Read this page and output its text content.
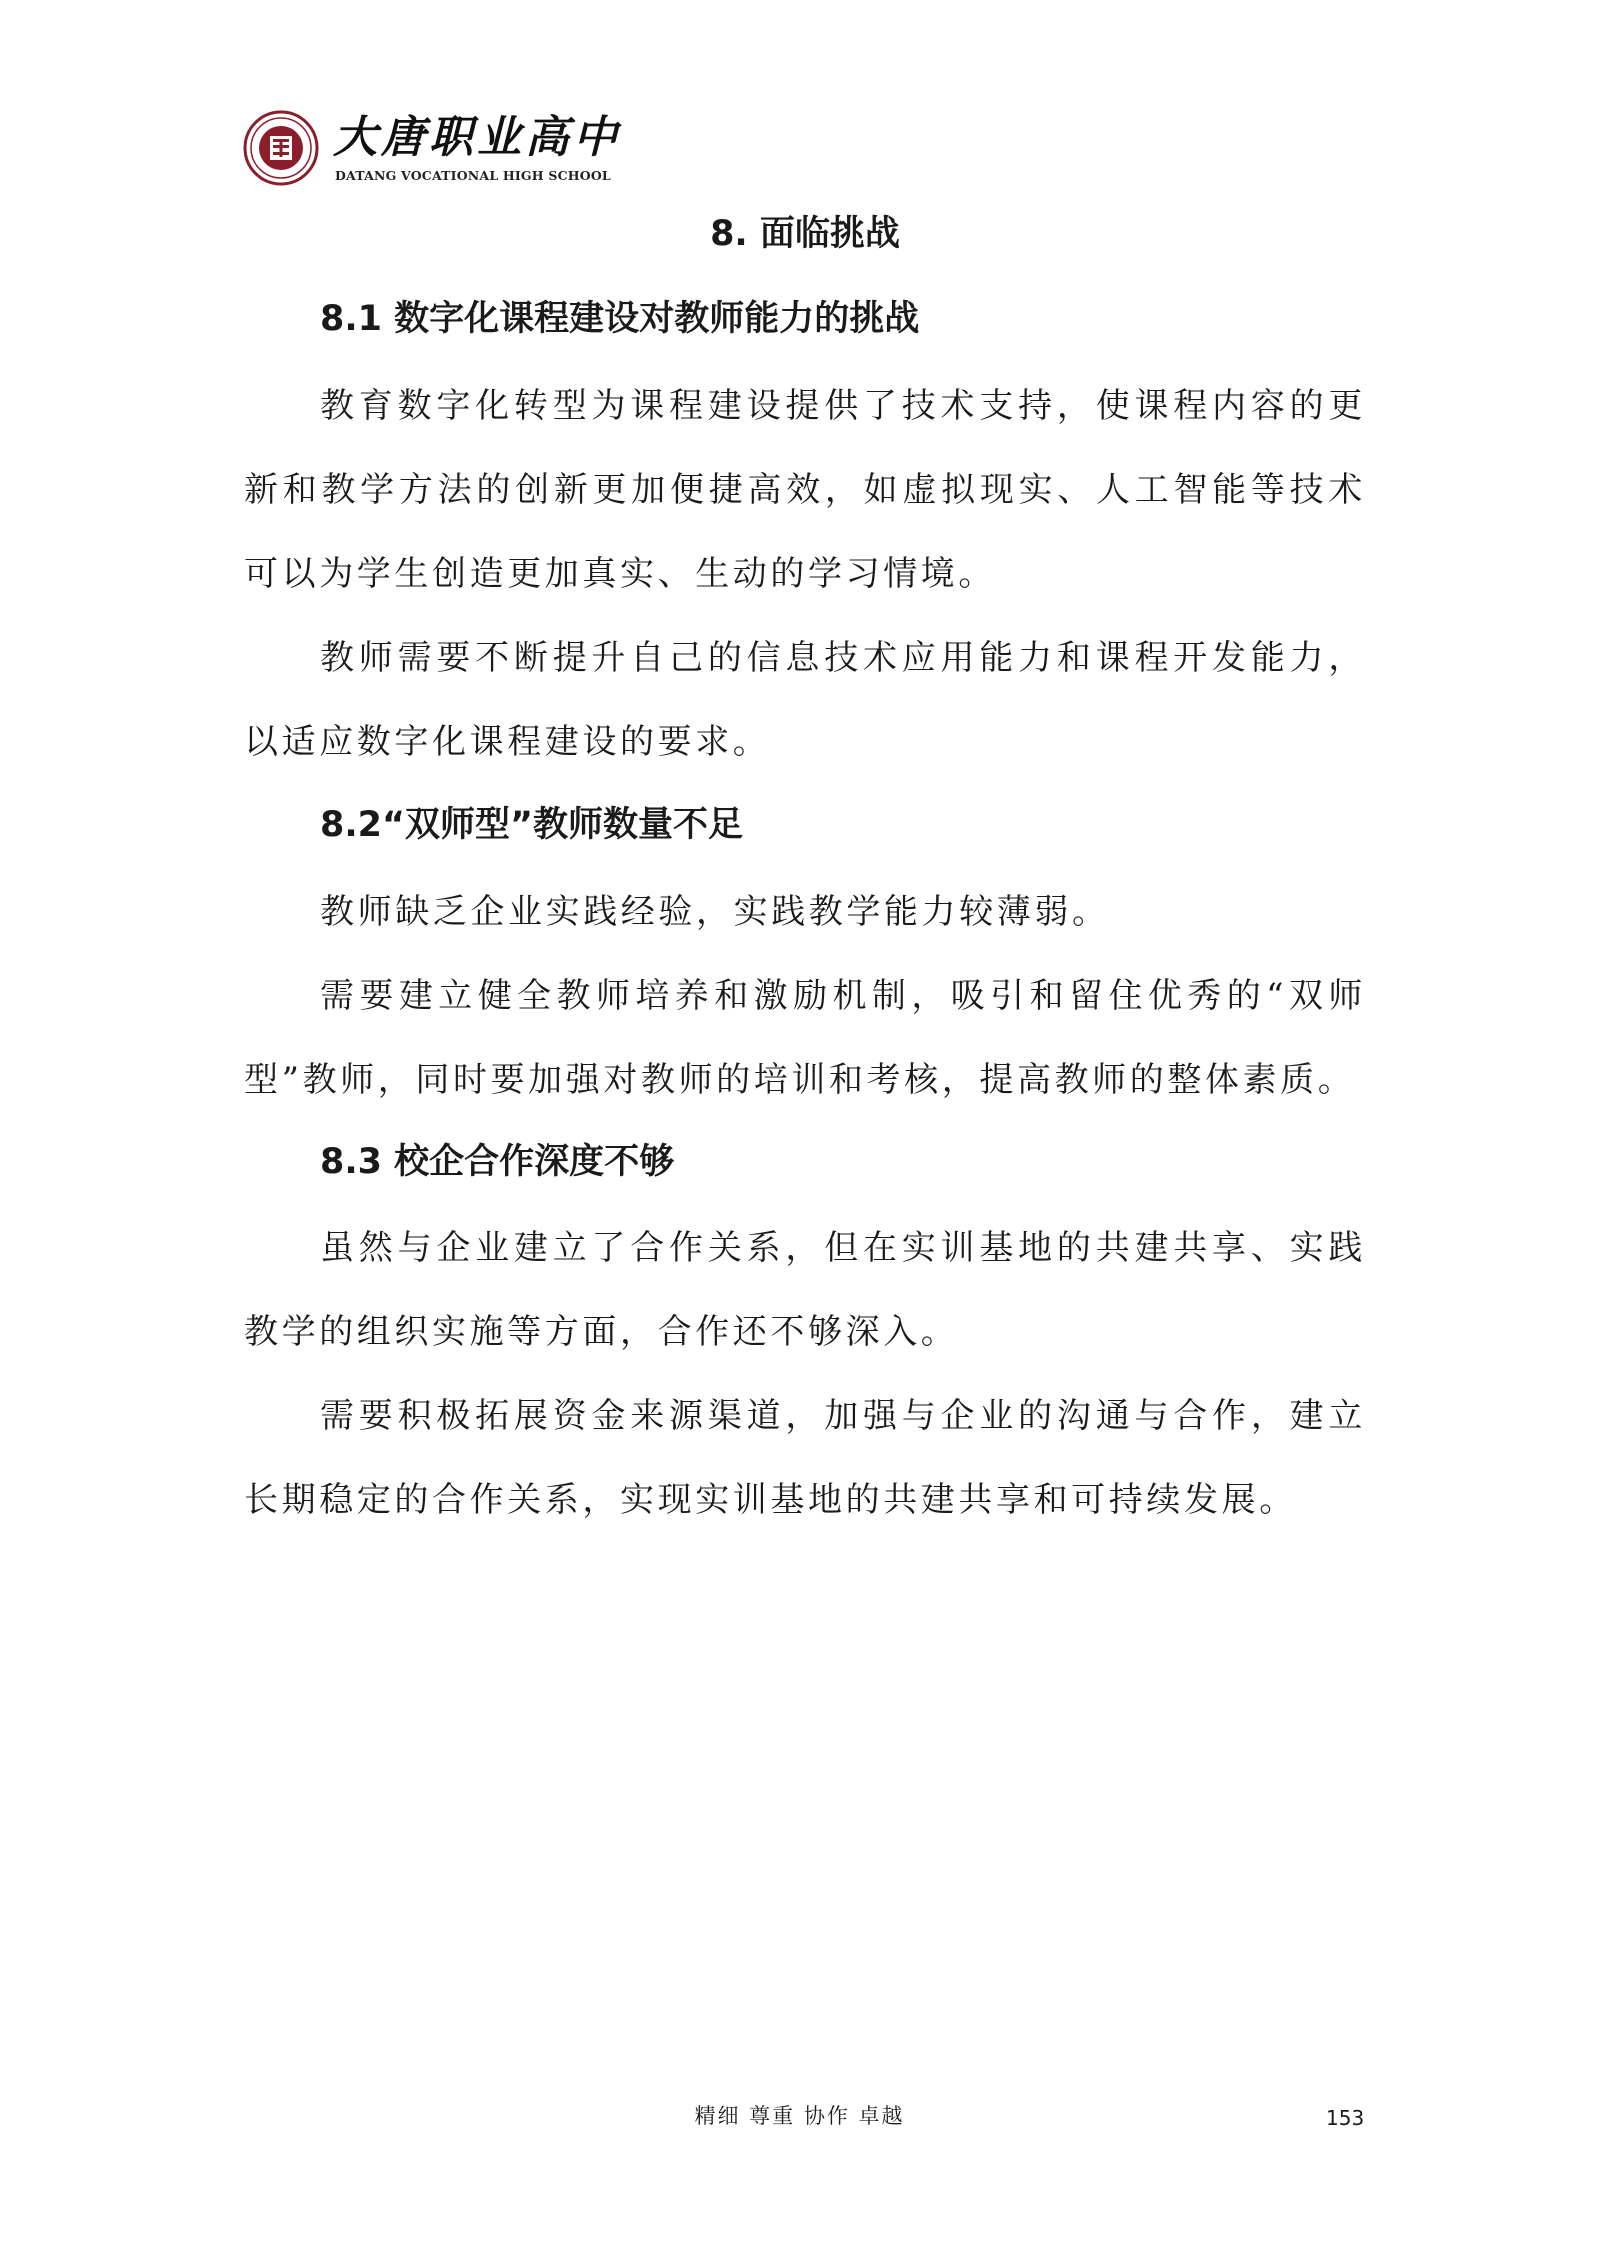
大唐职业高中
DATANG VOCATIONAL HIGH SCHOOL
8. 面临挑战
8.1 数字化课程建设对教师能力的挑战
教育数字化转型为课程建设提供了技术支持，使课程内容的更新和教学方法的创新更加便捷高效，如虚拟现实、人工智能等技术可以为学生创造更加真实、生动的学习情境。
教师需要不断提升自己的信息技术应用能力和课程开发能力，以适应数字化课程建设的要求。
8.2“双师型”教师数量不足
教师缺乏企业实践经验，实践教学能力较薄弱。
需要建立健全教师培养和激励机制，吸引和留住优秀的“双师型”教师，同时要加强对教师的培训和考核，提高教师的整体素质。
8.3 校企合作深度不够
虽然与企业建立了合作关系，但在实训基地的共建共享、实践教学的组织实施等方面，合作还不够深入。
需要积极拓展资金来源渠道，加强与企业的沟通与合作，建立长期稳定的合作关系，实现实训基地的共建共享和可持续发展。
精细 尊重 协作 卓越	153
